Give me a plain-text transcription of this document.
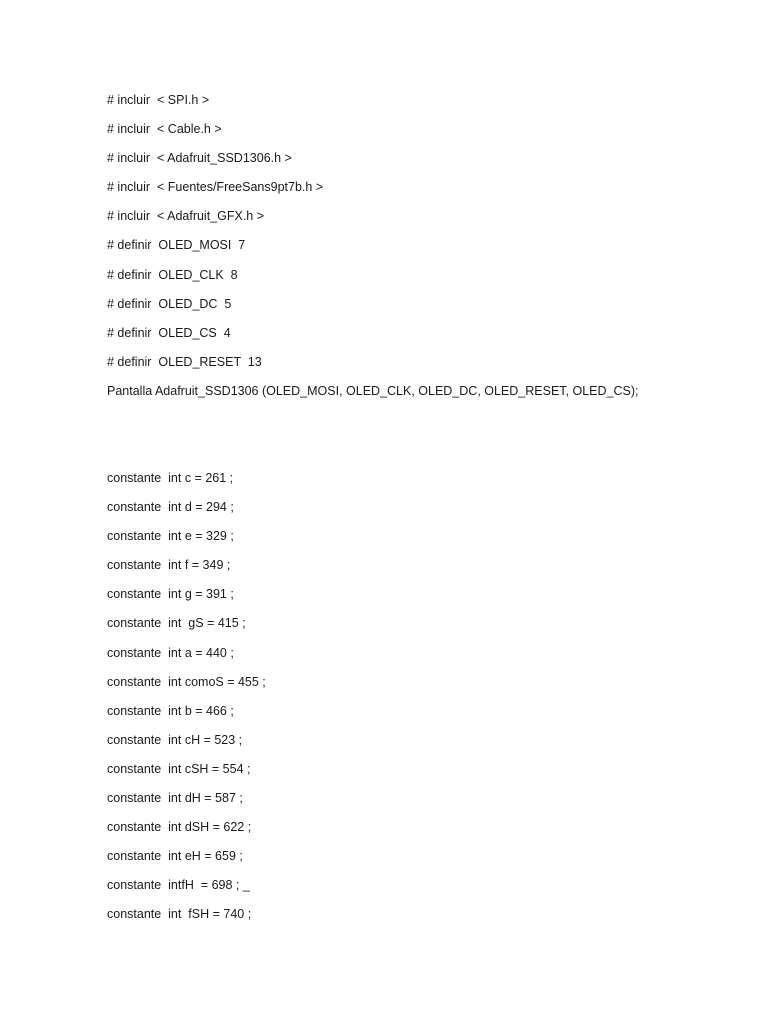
# incluir  < SPI.h >
# incluir  < Cable.h >
# incluir  < Adafruit_SSD1306.h >
# incluir  < Fuentes/FreeSans9pt7b.h >
# incluir  < Adafruit_GFX.h >
# definir  OLED_MOSI  7
# definir  OLED_CLK  8
# definir  OLED_DC  5
# definir  OLED_CS  4
# definir  OLED_RESET  13
Pantalla Adafruit_SSD1306 (OLED_MOSI, OLED_CLK, OLED_DC, OLED_RESET, OLED_CS);
constante  int c = 261 ;
constante  int d = 294 ;
constante  int e = 329 ;
constante  int f = 349 ;
constante  int g = 391 ;
constante  int  gS = 415 ;
constante  int a = 440 ;
constante  int comoS = 455 ;
constante  int b = 466 ;
constante  int cH = 523 ;
constante  int cSH = 554 ;
constante  int dH = 587 ;
constante  int dSH = 622 ;
constante  int eH = 659 ;
constante  intfH  = 698 ; _
constante  int  fSH = 740 ;
